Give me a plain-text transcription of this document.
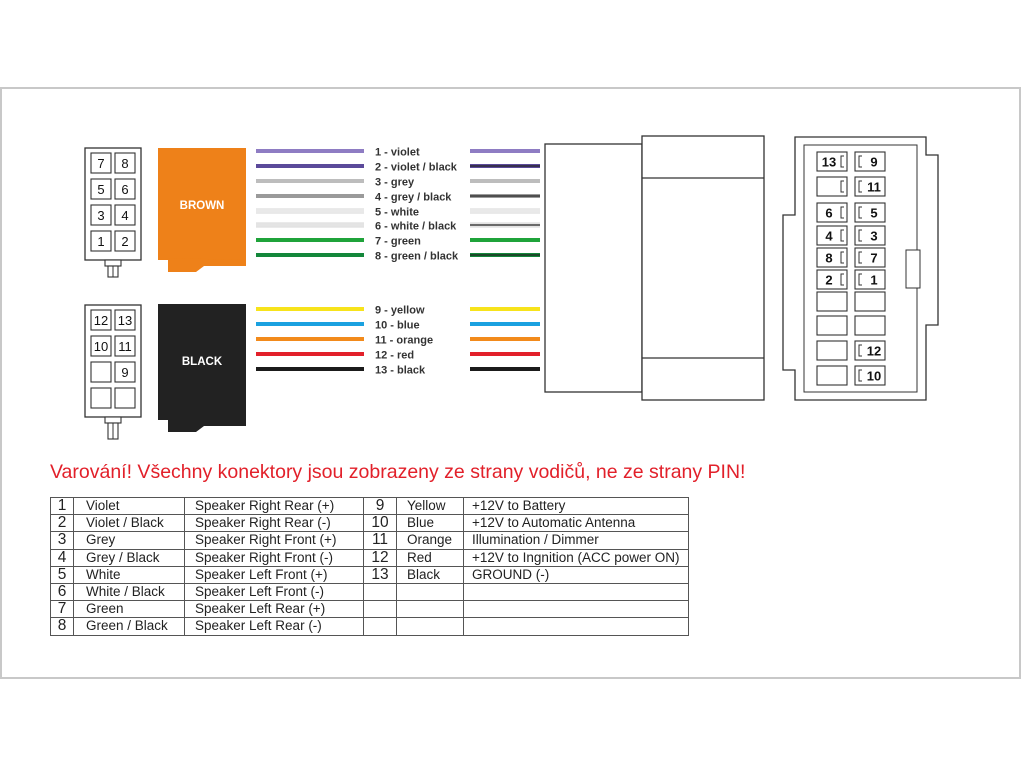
7 8
5 6
3 4
1 2
12 13
10 11
9
BROWN
BLACK
1 - violet
2 - violet / black
3 - grey
4 - grey / black
5 - white
6 - white / black
7 - green
8 - green / black
9 - yellow
10 - blue
11 - orange
12 - red
13 - black
13	9
11
6	5
4	3
8	7
2	1
12
10
Varování! Všechny konektory jsou zobrazeny ze strany vodičů, ne ze strany PIN!
1	Violet	Speaker Right Rear (+)	9	Yellow	+12V to Battery
2	Violet / Black	Speaker Right Rear (-)	10	Blue	+12V to Automatic Antenna
3	Grey	Speaker Right Front (+)	11	Orange	Illumination / Dimmer
4	Grey / Black	Speaker Right Front (-)	12	Red	+12V to Ingnition (ACC power ON)
5	White	Speaker Left Front (+)	13	Black	GROUND (-)
6	White / Black	Speaker Left Front (-)			
7	Green	Speaker Left Rear (+)			
8	Green / Black	Speaker Left Rear (-)			
